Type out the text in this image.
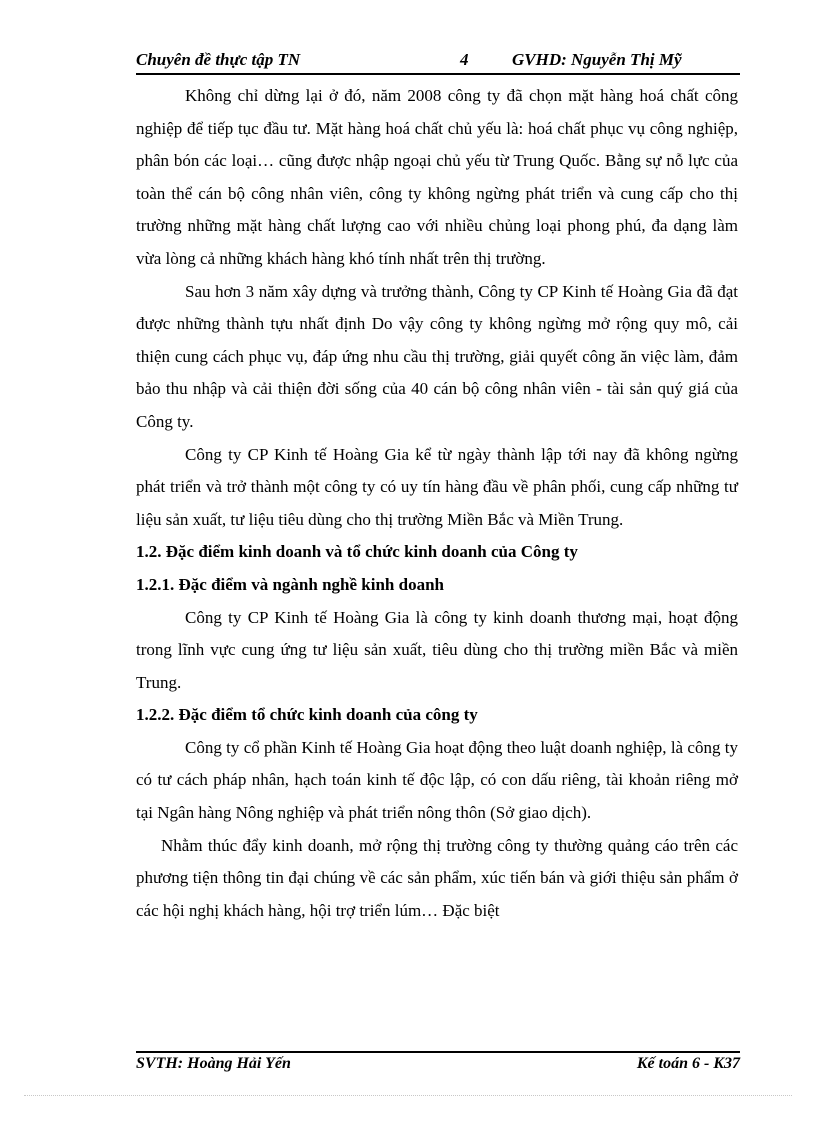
Chuyên đề thực tập TN	4	GVHD: Nguyễn Thị Mỹ

Không chỉ dừng lại ở đó, năm 2008 công ty đã chọn mặt hàng hoá chất công nghiệp để tiếp tục đầu tư. Mặt hàng hoá chất chủ yếu là: hoá chất phục vụ công nghiệp, phân bón các loại… cũng được nhập ngoại chủ yếu từ Trung Quốc. Bằng sự nỗ lực của toàn thể cán bộ công nhân viên, công ty không ngừng phát triển và cung cấp cho thị trường những mặt hàng chất lượng cao với nhiều chủng loại phong phú, đa dạng làm vừa lòng cả những khách hàng khó tính nhất trên thị trường.

Sau hơn 3 năm xây dựng và trưởng thành, Công ty CP Kinh tế Hoàng Gia đã đạt được những thành tựu nhất định Do vậy công ty không ngừng mở rộng quy mô, cải thiện cung cách phục vụ, đáp ứng nhu cầu thị trường, giải quyết công ăn việc làm, đảm bảo thu nhập và cải thiện đời sống của 40 cán bộ công nhân viên - tài sản quý giá của Công ty.

Công ty CP Kinh tế Hoàng Gia kể từ ngày thành lập tới nay đã không ngừng phát triển và trở thành một công ty có uy tín hàng đầu về phân phối, cung cấp những tư liệu sản xuất, tư liệu tiêu dùng cho thị trường Miền Bắc và Miền Trung.

1.2. Đặc điểm kinh doanh và tổ chức kinh doanh của Công ty

1.2.1. Đặc điểm và ngành nghề kinh doanh

Công ty CP Kinh tế Hoàng Gia là công ty kinh doanh thương mại, hoạt động trong lĩnh vực cung ứng tư liệu sản xuất, tiêu dùng cho thị trường miền Bắc và miền Trung.

1.2.2. Đặc điểm tổ chức kinh doanh của công ty

Công ty cổ phần Kinh tế Hoàng Gia hoạt động theo luật doanh nghiệp, là công ty có tư cách pháp nhân, hạch toán kinh tế độc lập, có con dấu riêng, tài khoản riêng mở tại Ngân hàng Nông nghiệp và phát triển nông thôn (Sở giao dịch).

Nhằm thúc đẩy kinh doanh, mở rộng thị trường công ty thường quảng cáo trên các phương tiện thông tin đại chúng về các sản phẩm, xúc tiến bán và giới thiệu sản phẩm ở các hội nghị khách hàng, hội trợ triển lúm… Đặc biệt

SVTH: Hoàng Hải Yến	Kế toán 6 - K37
